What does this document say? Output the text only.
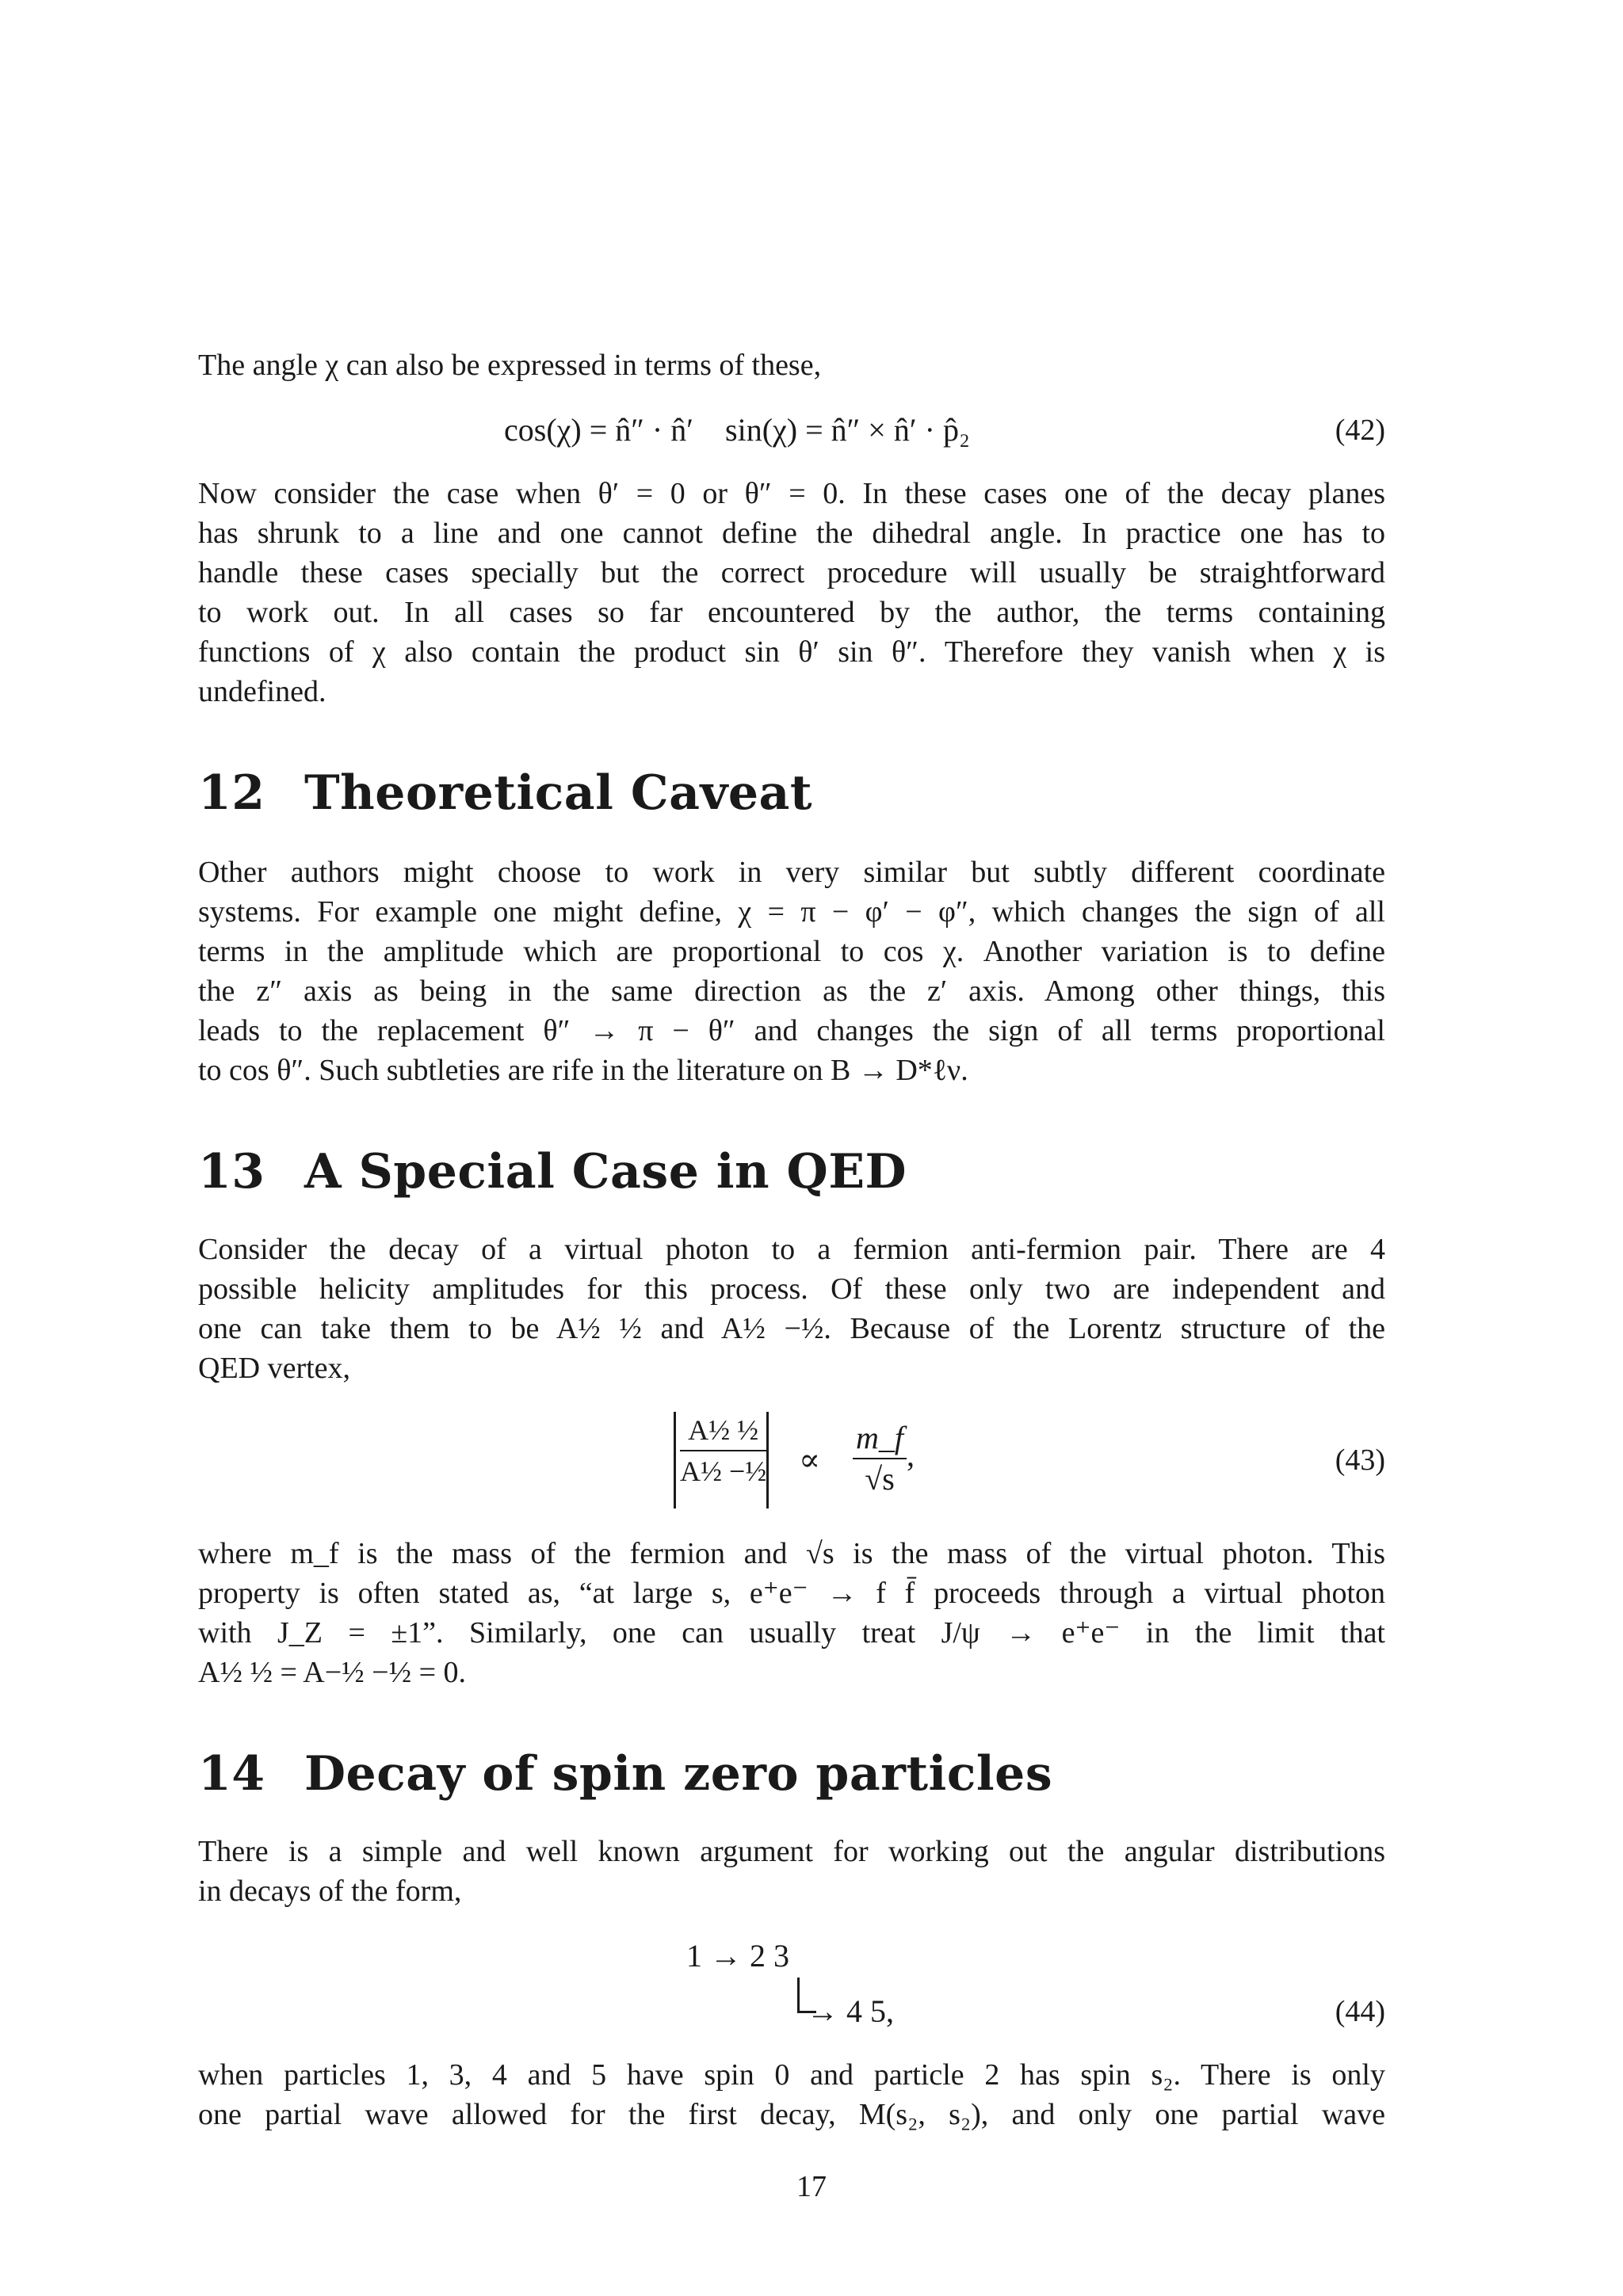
The angle χ can also be expressed in terms of these,
cos(χ) = n̂″ · n̂′ sin(χ) = n̂″ × n̂′ · p̂₂	(42)
Now consider the case when θ′ = 0 or θ″ = 0. In these cases one of the decay planes
has shrunk to a line and one cannot define the dihedral angle. In practice one has to
handle these cases specially but the correct procedure will usually be straightforward
to work out. In all cases so far encountered by the author, the terms containing
functions of χ also contain the product sin θ′ sin θ″. Therefore they vanish when χ is
undefined.
12 Theoretical Caveat
Other authors might choose to work in very similar but subtly different coordinate
systems. For example one might define, χ = π − φ′ − φ″, which changes the sign of all
terms in the amplitude which are proportional to cos χ. Another variation is to define
the z″ axis as being in the same direction as the z′ axis. Among other things, this
leads to the replacement θ″ → π − θ″ and changes the sign of all terms proportional
to cos θ″. Such subtleties are rife in the literature on B → D*ℓν.
13 A Special Case in QED
Consider the decay of a virtual photon to a fermion anti-fermion pair. There are 4
possible helicity amplitudes for this process. Of these only two are independent and
one can take them to be A½ ½ and A½ −½. Because of the Lorentz structure of the
QED vertex,
$\frac{\text{A½ ½}}{\text{A½ −½}} \propto \frac{m\_f}{√s}$ ,	(43)
where m_f is the mass of the fermion and √s is the mass of the virtual photon. This
property is often stated as, “at large s, e⁺e⁻ → f f̄ proceeds through a virtual photon
with J_Z = ±1”. Similarly, one can usually treat J/ψ → e⁺e⁻ in the limit that
A½ ½ = A−½ −½ = 0.
14 Decay of spin zero particles
There is a simple and well known argument for working out the angular distributions
in decays of the form,
1 → 2 3
→ 4 5,	(44)
when particles 1, 3, 4 and 5 have spin 0 and particle 2 has spin s₂. There is only
one partial wave allowed for the first decay, M(s₂, s₂), and only one partial wave
17
